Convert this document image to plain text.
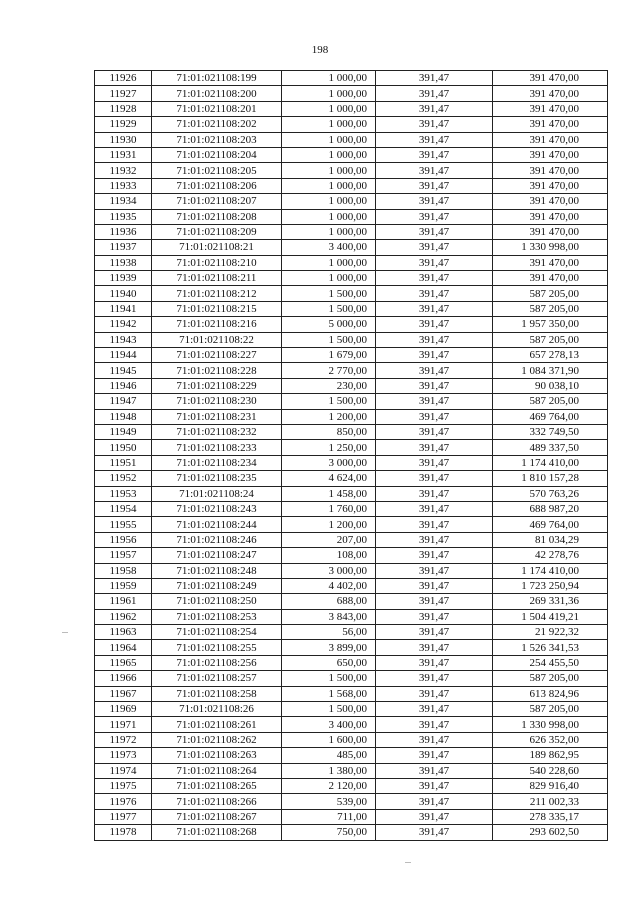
198
11926	71:01:021108:199	1 000,00	391,47	391 470,00
11927	71:01:021108:200	1 000,00	391,47	391 470,00
11928	71:01:021108:201	1 000,00	391,47	391 470,00
11929	71:01:021108:202	1 000,00	391,47	391 470,00
11930	71:01:021108:203	1 000,00	391,47	391 470,00
11931	71:01:021108:204	1 000,00	391,47	391 470,00
11932	71:01:021108:205	1 000,00	391,47	391 470,00
11933	71:01:021108:206	1 000,00	391,47	391 470,00
11934	71:01:021108:207	1 000,00	391,47	391 470,00
11935	71:01:021108:208	1 000,00	391,47	391 470,00
11936	71:01:021108:209	1 000,00	391,47	391 470,00
11937	71:01:021108:21	3 400,00	391,47	1 330 998,00
11938	71:01:021108:210	1 000,00	391,47	391 470,00
11939	71:01:021108:211	1 000,00	391,47	391 470,00
11940	71:01:021108:212	1 500,00	391,47	587 205,00
11941	71:01:021108:215	1 500,00	391,47	587 205,00
11942	71:01:021108:216	5 000,00	391,47	1 957 350,00
11943	71:01:021108:22	1 500,00	391,47	587 205,00
11944	71:01:021108:227	1 679,00	391,47	657 278,13
11945	71:01:021108:228	2 770,00	391,47	1 084 371,90
11946	71:01:021108:229	230,00	391,47	90 038,10
11947	71:01:021108:230	1 500,00	391,47	587 205,00
11948	71:01:021108:231	1 200,00	391,47	469 764,00
11949	71:01:021108:232	850,00	391,47	332 749,50
11950	71:01:021108:233	1 250,00	391,47	489 337,50
11951	71:01:021108:234	3 000,00	391,47	1 174 410,00
11952	71:01:021108:235	4 624,00	391,47	1 810 157,28
11953	71:01:021108:24	1 458,00	391,47	570 763,26
11954	71:01:021108:243	1 760,00	391,47	688 987,20
11955	71:01:021108:244	1 200,00	391,47	469 764,00
11956	71:01:021108:246	207,00	391,47	81 034,29
11957	71:01:021108:247	108,00	391,47	42 278,76
11958	71:01:021108:248	3 000,00	391,47	1 174 410,00
11959	71:01:021108:249	4 402,00	391,47	1 723 250,94
11961	71:01:021108:250	688,00	391,47	269 331,36
11962	71:01:021108:253	3 843,00	391,47	1 504 419,21
11963	71:01:021108:254	56,00	391,47	21 922,32
11964	71:01:021108:255	3 899,00	391,47	1 526 341,53
11965	71:01:021108:256	650,00	391,47	254 455,50
11966	71:01:021108:257	1 500,00	391,47	587 205,00
11967	71:01:021108:258	1 568,00	391,47	613 824,96
11969	71:01:021108:26	1 500,00	391,47	587 205,00
11971	71:01:021108:261	3 400,00	391,47	1 330 998,00
11972	71:01:021108:262	1 600,00	391,47	626 352,00
11973	71:01:021108:263	485,00	391,47	189 862,95
11974	71:01:021108:264	1 380,00	391,47	540 228,60
11975	71:01:021108:265	2 120,00	391,47	829 916,40
11976	71:01:021108:266	539,00	391,47	211 002,33
11977	71:01:021108:267	711,00	391,47	278 335,17
11978	71:01:021108:268	750,00	391,47	293 602,50
